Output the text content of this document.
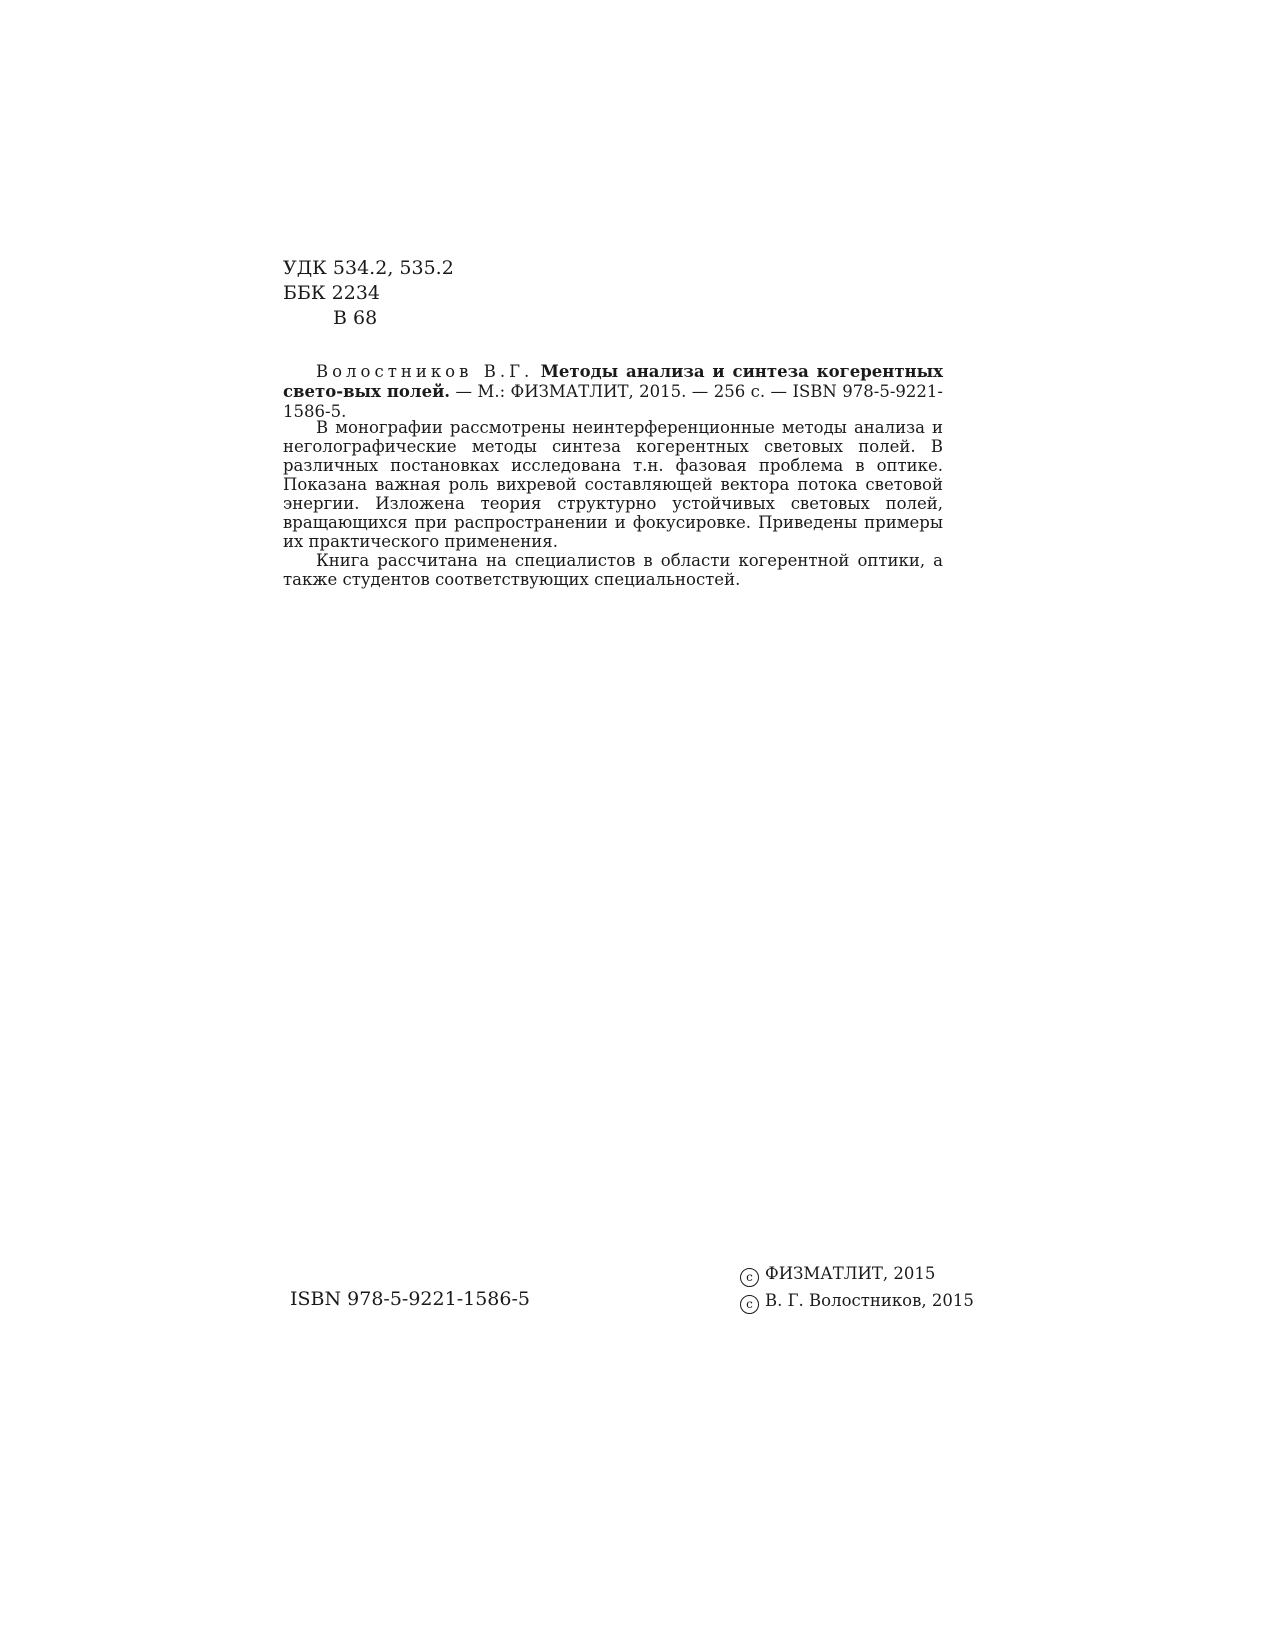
УДК 534.2, 535.2
ББК 2234
В 68
Волостников В.Г. Методы анализа и синтеза когерентных свето-вых полей. — М.: ФИЗМАТЛИТ, 2015. — 256 с. — ISBN 978-5-9221-1586-5.

В монографии рассмотрены неинтерференционные методы анализа и неголографические методы синтеза когерентных световых полей. В различных постановках исследована т.н. фазовая проблема в оптике. Показана важная роль вихревой составляющей вектора потока световой энергии. Изложена теория структурно устойчивых световых полей, вращающихся при распространении и фокусировке. Приведены примеры их практического применения.

Книга рассчитана на специалистов в области когерентной оптики, а также студентов соответствующих специальностей.

ISBN 978-5-9221-1586-5
c ФИЗМАТЛИТ, 2015
c В. Г. Волостников, 2015
